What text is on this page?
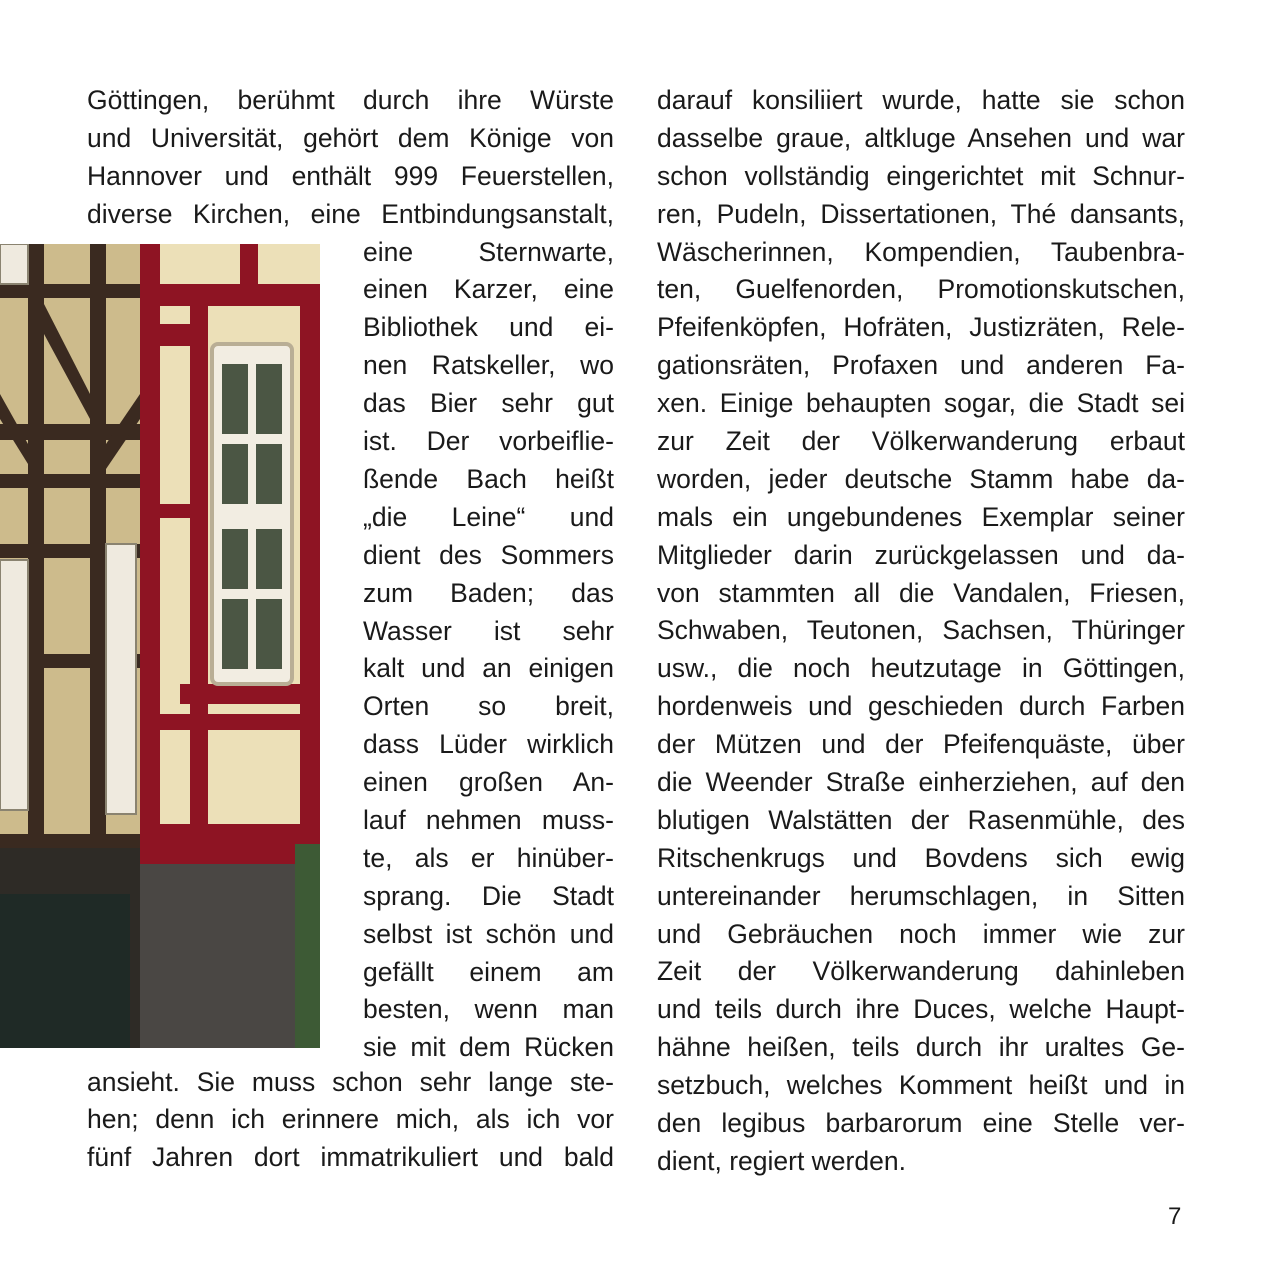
Göttingen, berühmt durch ihre Würste
und Universität, gehört dem Könige von
Hannover und enthält 999 Feuerstellen,
diverse Kirchen, eine Entbindungsanstalt,
eine Sternwarte,
einen Karzer, eine
Bibliothek und ei-
nen Ratskeller, wo
das Bier sehr gut
ist. Der vorbeiflie-
ßende Bach heißt
„die Leine“ und
dient des Sommers
zum Baden; das
Wasser ist sehr
kalt und an einigen
Orten so breit,
dass Lüder wirklich
einen großen An-
lauf nehmen muss-
te, als er hinüber-
sprang. Die Stadt
selbst ist schön und
gefällt einem am
besten, wenn man
sie mit dem Rücken
ansieht. Sie muss schon sehr lange ste-
hen; denn ich erinnere mich, als ich vor
fünf Jahren dort immatrikuliert und bald
darauf konsiliiert wurde, hatte sie schon
dasselbe graue, altkluge Ansehen und war
schon vollständig eingerichtet mit Schnur-
ren, Pudeln, Dissertationen, Thé dansants,
Wäscherinnen, Kompendien, Taubenbra-
ten, Guelfenorden, Promotionskutschen,
Pfeifenköpfen, Hofräten, Justizräten, Rele-
gationsräten, Profaxen und anderen Fa-
xen. Einige behaupten sogar, die Stadt sei
zur Zeit der Völkerwanderung erbaut
worden, jeder deutsche Stamm habe da-
mals ein ungebundenes Exemplar seiner
Mitglieder darin zurückgelassen und da-
von stammten all die Vandalen, Friesen,
Schwaben, Teutonen, Sachsen, Thüringer
usw., die noch heutzutage in Göttingen,
hordenweis und geschieden durch Farben
der Mützen und der Pfeifenquäste, über
die Weender Straße einherziehen, auf den
blutigen Walstätten der Rasenmühle, des
Ritschenkrugs und Bovdens sich ewig
untereinander herumschlagen, in Sitten
und Gebräuchen noch immer wie zur
Zeit der Völkerwanderung dahinleben
und teils durch ihre Duces, welche Haupt-
hähne heißen, teils durch ihr uraltes Ge-
setzbuch, welches Komment heißt und in
den legibus barbarorum eine Stelle ver-
dient, regiert werden.
7
